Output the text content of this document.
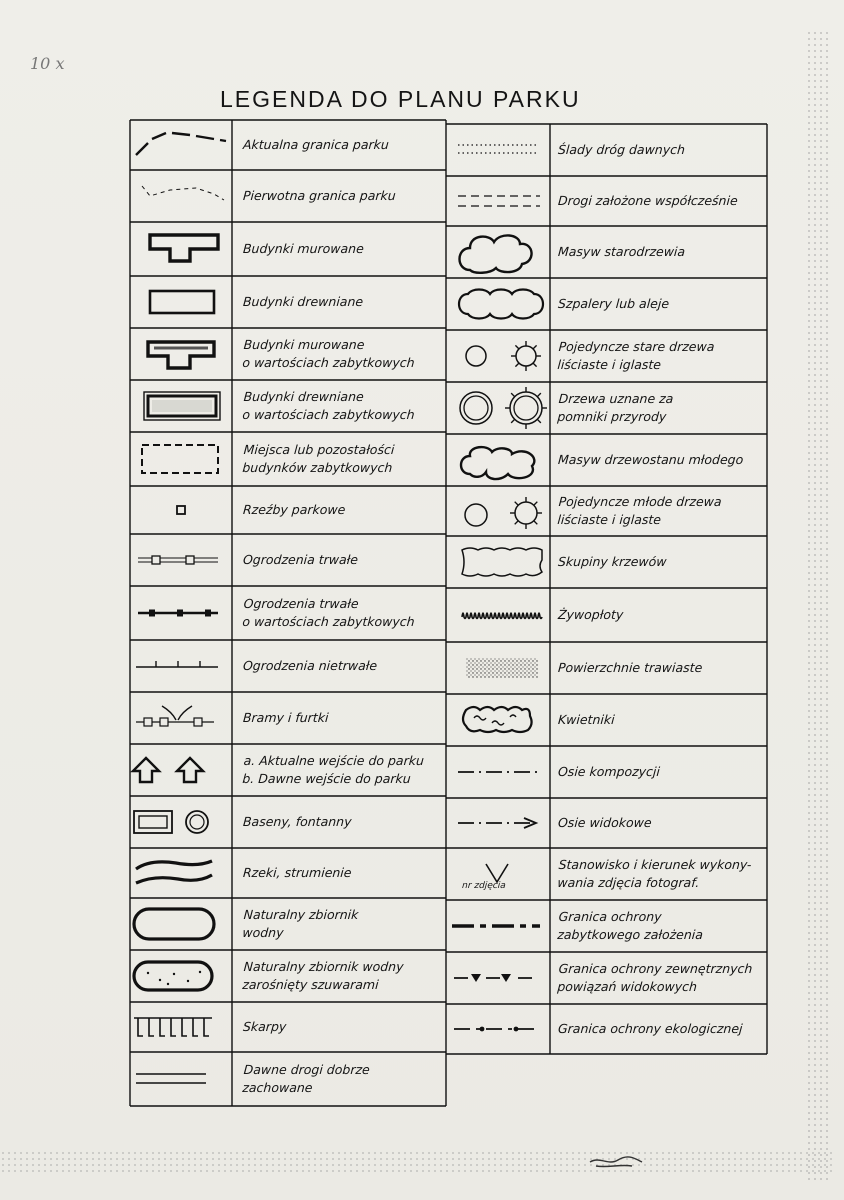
10 x
LEGENDA DO PLANU PARKU
Aktualna granica parku
Pierwotna granica parku
Budynki murowane
Budynki drewniane
Budynki murowane
o wartościach zabytkowych
Budynki drewniane
o wartościach zabytkowych
Miejsca lub pozostałości
budynków zabytkowych
Rzeźby parkowe
Ogrodzenia trwałe
Ogrodzenia trwałe
o wartościach zabytkowych
Ogrodzenia nietrwałe
Bramy i furtki
a. Aktualne wejście do parku
b. Dawne wejście do parku
Baseny, fontanny
Rzeki, strumienie
Naturalny zbiornik
wodny
Naturalny zbiornik wodny
zarośnięty szuwarami
Skarpy
Dawne drogi dobrze
zachowane
Ślady dróg dawnych
Drogi założone współcześnie
Masyw starodrzewia
Szpalery lub aleje
Pojedyncze stare drzewa
liściaste i iglaste
Drzewa uznane za
pomniki przyrody
Masyw drzewostanu młodego
Pojedyncze młode drzewa
liściaste i iglaste
Skupiny krzewów
Żywopłoty
Powierzchnie trawiaste
Kwietniki
Osie kompozycji
Osie widokowe
Stanowisko i kierunek wykony-
wania zdjęcia fotograf.
Granica ochrony
zabytkowego założenia
Granica ochrony zewnętrznych
powiązań widokowych
Granica ochrony ekologicznej
nr zdjęcia
